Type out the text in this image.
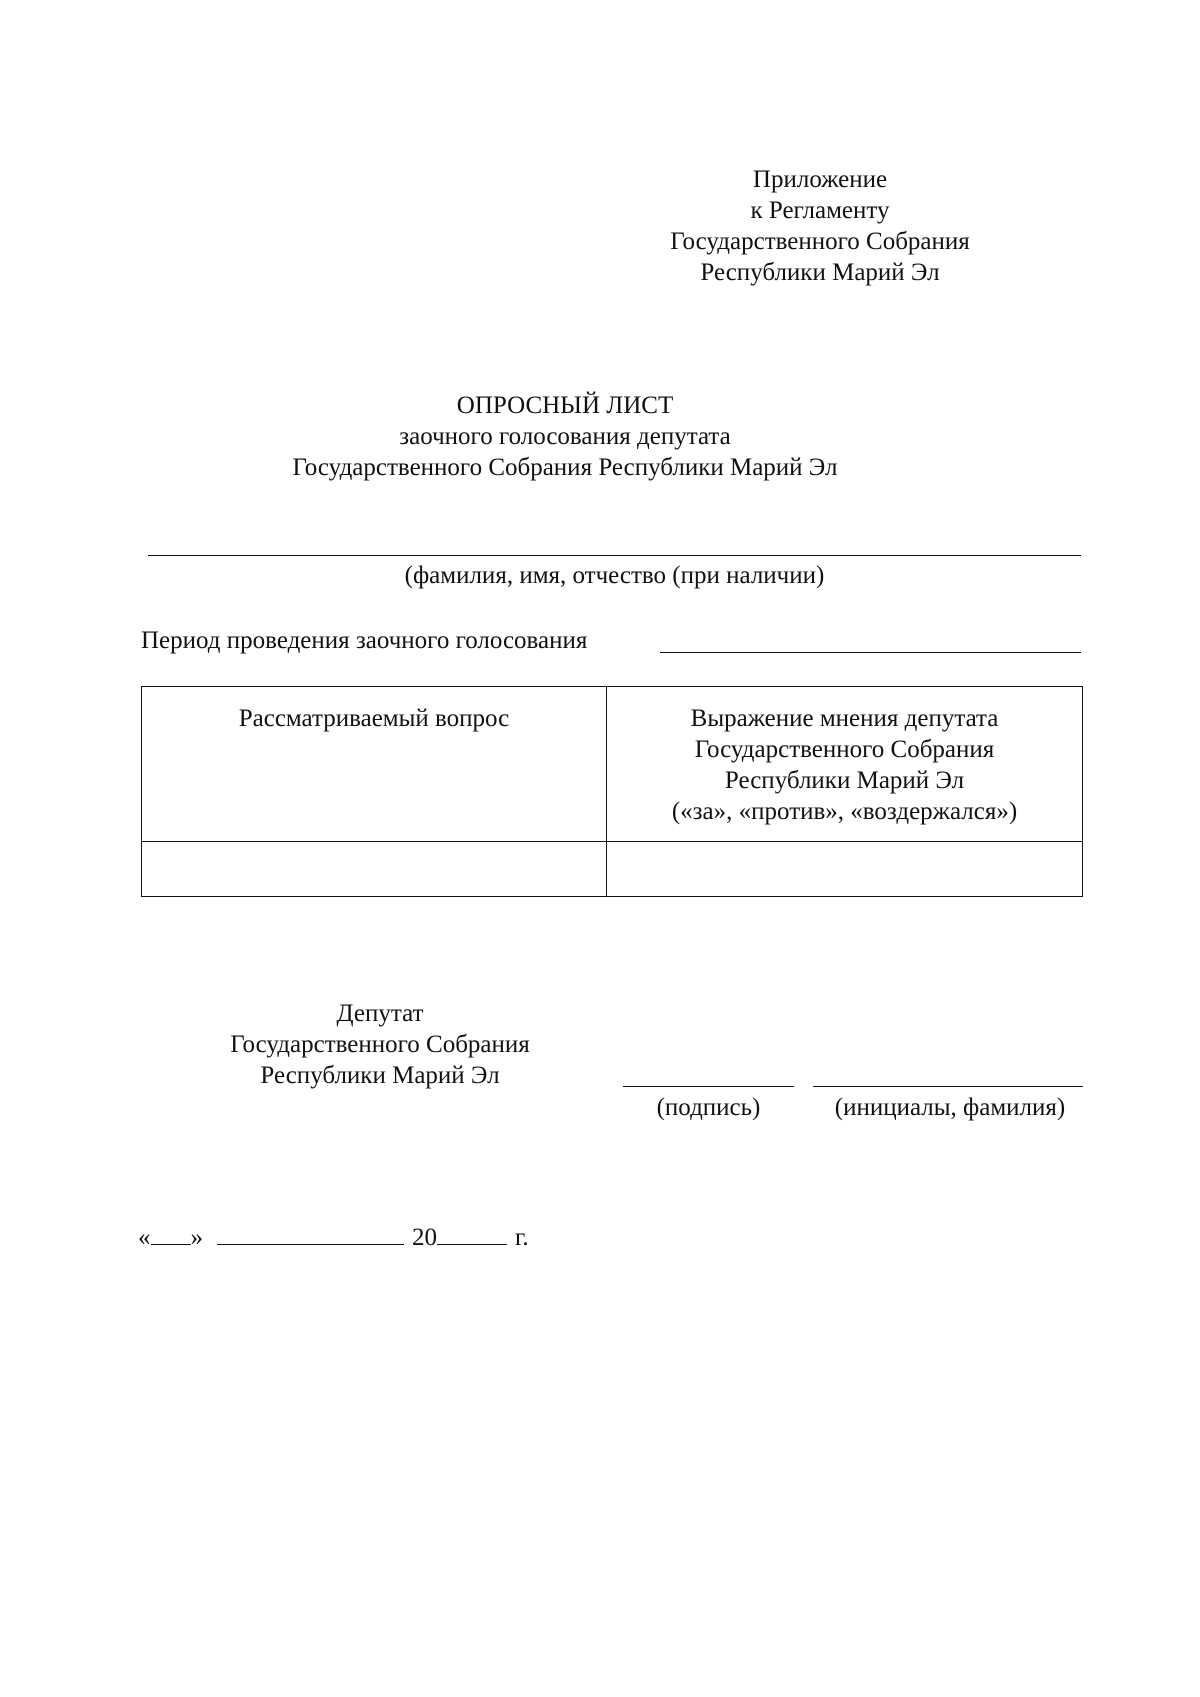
Приложение
к Регламенту
Государственного Собрания
Республики Марий Эл
ОПРОСНЫЙ ЛИСТ
заочного голосования депутата
Государственного Собрания Республики Марий Эл
(фамилия, имя, отчество (при наличии)
Период проведения заочного голосования
Рассматриваемый вопрос	Выражение мнения депутата
Государственного Собрания
Республики Марий Эл
(«за», «против», «воздержался»)

Депутат
Государственного Собрания
Республики Марий Эл
(подпись)	(инициалы, фамилия)
« »	20	г.
